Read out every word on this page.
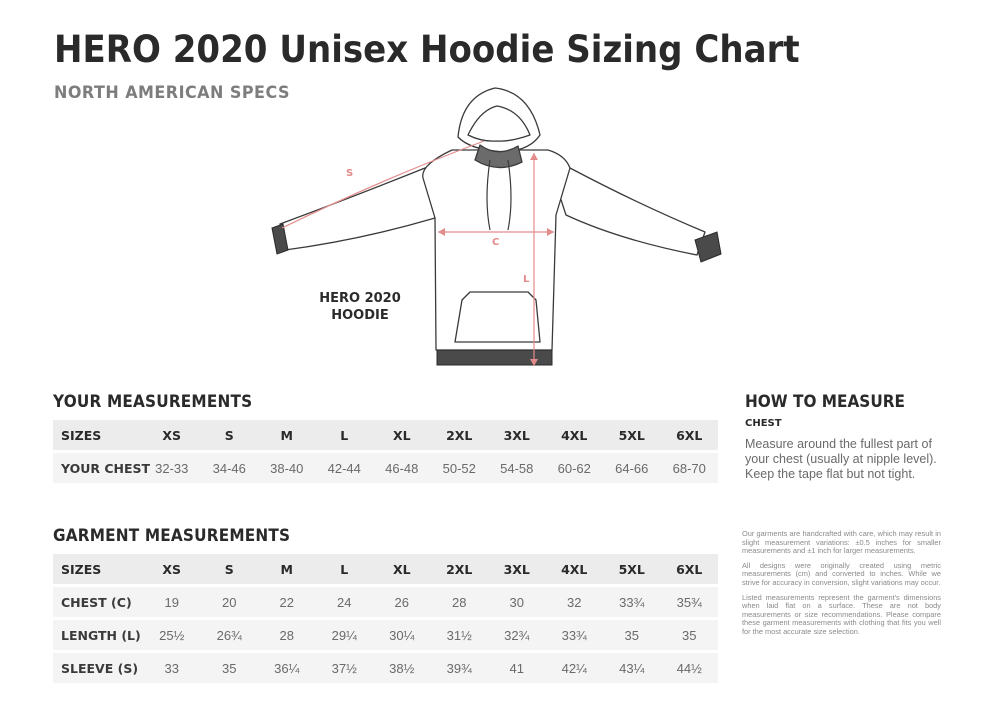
HERO 2020 Unisex Hoodie Sizing Chart
NORTH AMERICAN SPECS
S
C
L
HERO 2020
HOODIE
YOUR MEASUREMENTS
SIZES	XS	S	M	L	XL	2XL	3XL	4XL	5XL	6XL
YOUR CHEST	32-33	34-46	38-40	42-44	46-48	50-52	54-58	60-62	64-66	68-70
GARMENT MEASUREMENTS
SIZES	XS	S	M	L	XL	2XL	3XL	4XL	5XL	6XL
CHEST (C)	19	20	22	24	26	28	30	32	33¾	35¾
LENGTH (L)	25½	26¾	28	29¼	30¼	31½	32¾	33¾	35	35
SLEEVE (S)	33	35	36¼	37½	38½	39¾	41	42¼	43¼	44½
HOW TO MEASURE
CHEST
Measure around the fullest part of your chest (usually at nipple level). Keep the tape flat but not tight.

Our garments are handcrafted with care, which may result in slight measurement variations: ±0.5 inches for smaller measurements and ±1 inch for larger measurements.

All designs were originally created using metric measurements (cm) and converted to inches. While we strive for accuracy in conversion, slight variations may occur.

Listed measurements represent the garment's dimensions when laid flat on a surface. These are not body measurements or size recommendations. Please compare these garment measurements with clothing that fits you well for the most accurate size selection.
